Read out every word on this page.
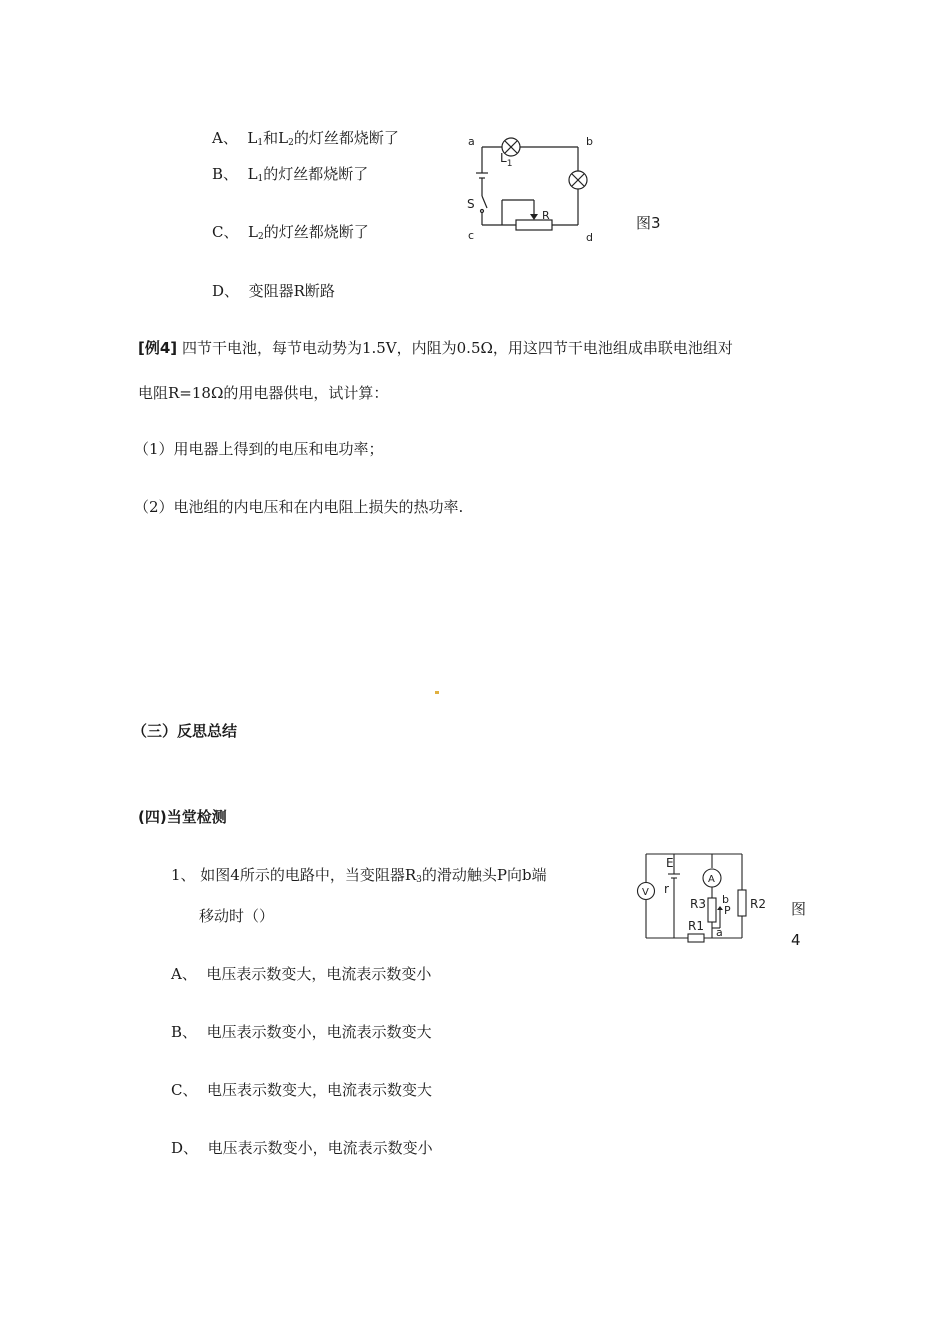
A、 $L_1$和$L_2$的灯丝都烧断了
B、 $L_1$的灯丝都烧断了
C、 $L_2$的灯丝都烧断了
D、 变阻器R断路
a	b
c	d
S
$L_1$
R	图3
[例4] 四节干电池，每节电动势为1.5V，内阻为0.5Ω，用这四节干电池组成串联电池组对
电阻R=18Ω的用电器供电，试计算：
（1）用电器上得到的电压和电功率；
（2）电池组的内电压和在内电阻上损失的热功率.
（三）反思总结
(四)当堂检测
1、 如图4所示的电路中，当变阻器$R_3$的滑动触头P向b端
移动时（）
A、 电压表示数变大，电流表示数变小
B、 电压表示数变小，电流表示数变大
C、 电压表示数变大，电流表示数变大
D、 电压表示数变小，电流表示数变小
E
r
V
A
R3 b
P
a
R1
R2 图
4
